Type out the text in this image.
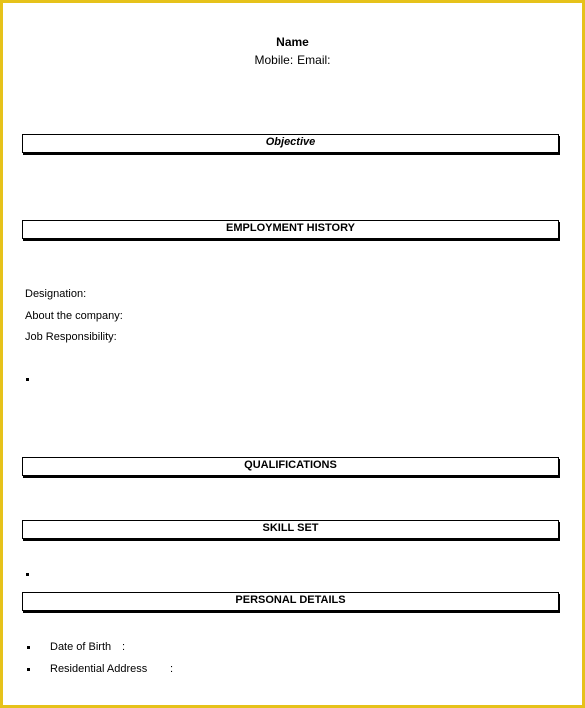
Name
Mobile: Email:
Objective
EMPLOYMENT HISTORY
Designation:
About the company:
Job Responsibility:
QUALIFICATIONS
SKILL SET
PERSONAL DETAILS
Date of Birth :
Residential Address :
